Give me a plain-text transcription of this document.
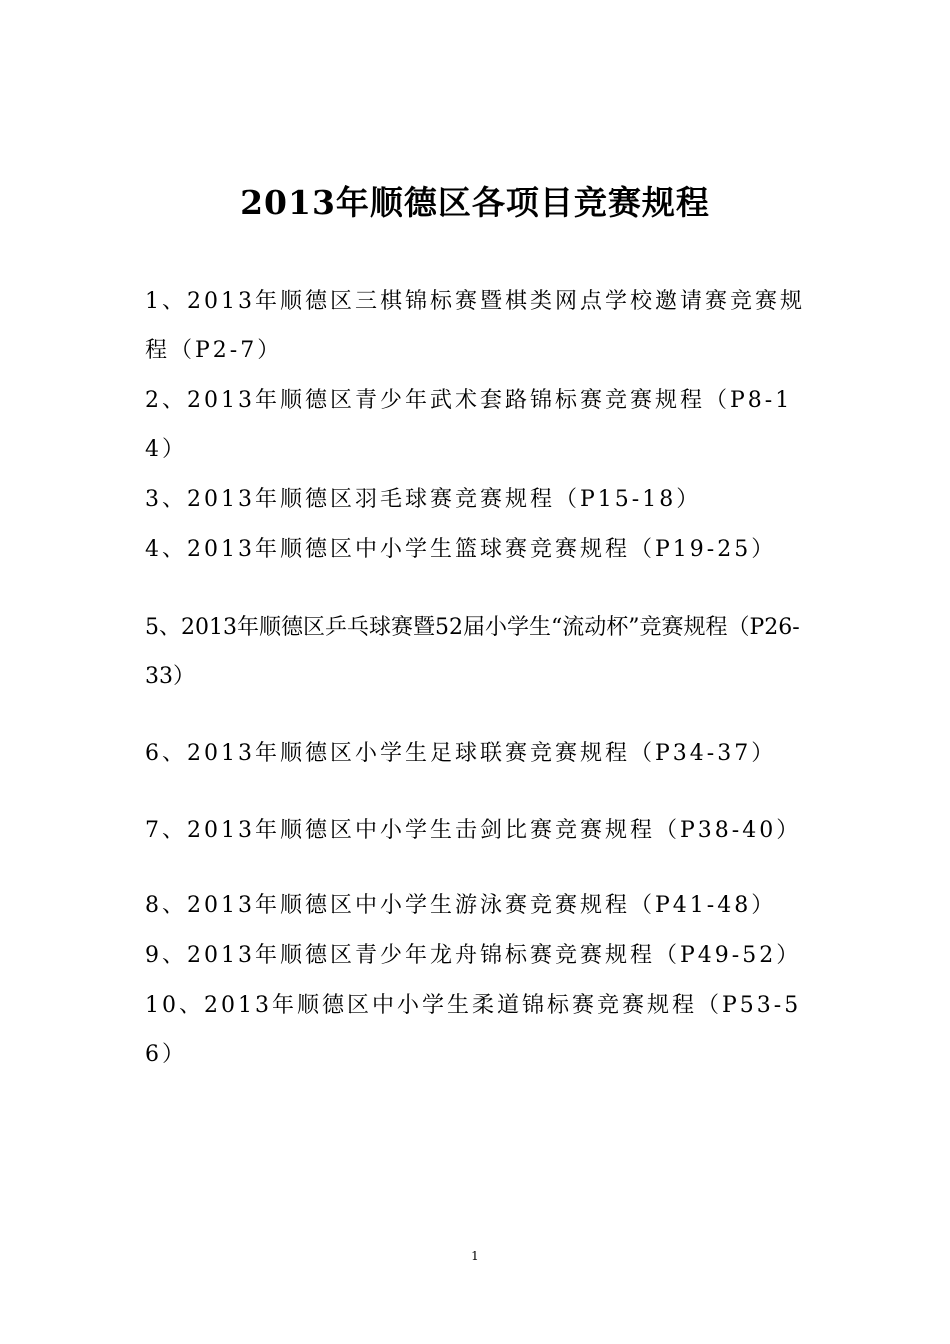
2013年顺德区各项目竞赛规程

1、2013年顺德区三棋锦标赛暨棋类网点学校邀请赛竞赛规程（P2-7）

2、2013年顺德区青少年武术套路锦标赛竞赛规程（P8-14）

3、2013年顺德区羽毛球赛竞赛规程（P15-18）

4、2013年顺德区中小学生篮球赛竞赛规程（P19-25）

5、2013年顺德区乒乓球赛暨52届小学生“流动杯”竞赛规程（P26-33）

6、2013年顺德区小学生足球联赛竞赛规程（P34-37）

7、2013年顺德区中小学生击剑比赛竞赛规程（P38-40）

8、2013年顺德区中小学生游泳赛竞赛规程（P41-48）

9、2013年顺德区青少年龙舟锦标赛竞赛规程（P49-52）

10、2013年顺德区中小学生柔道锦标赛竞赛规程（P53-56）

1
